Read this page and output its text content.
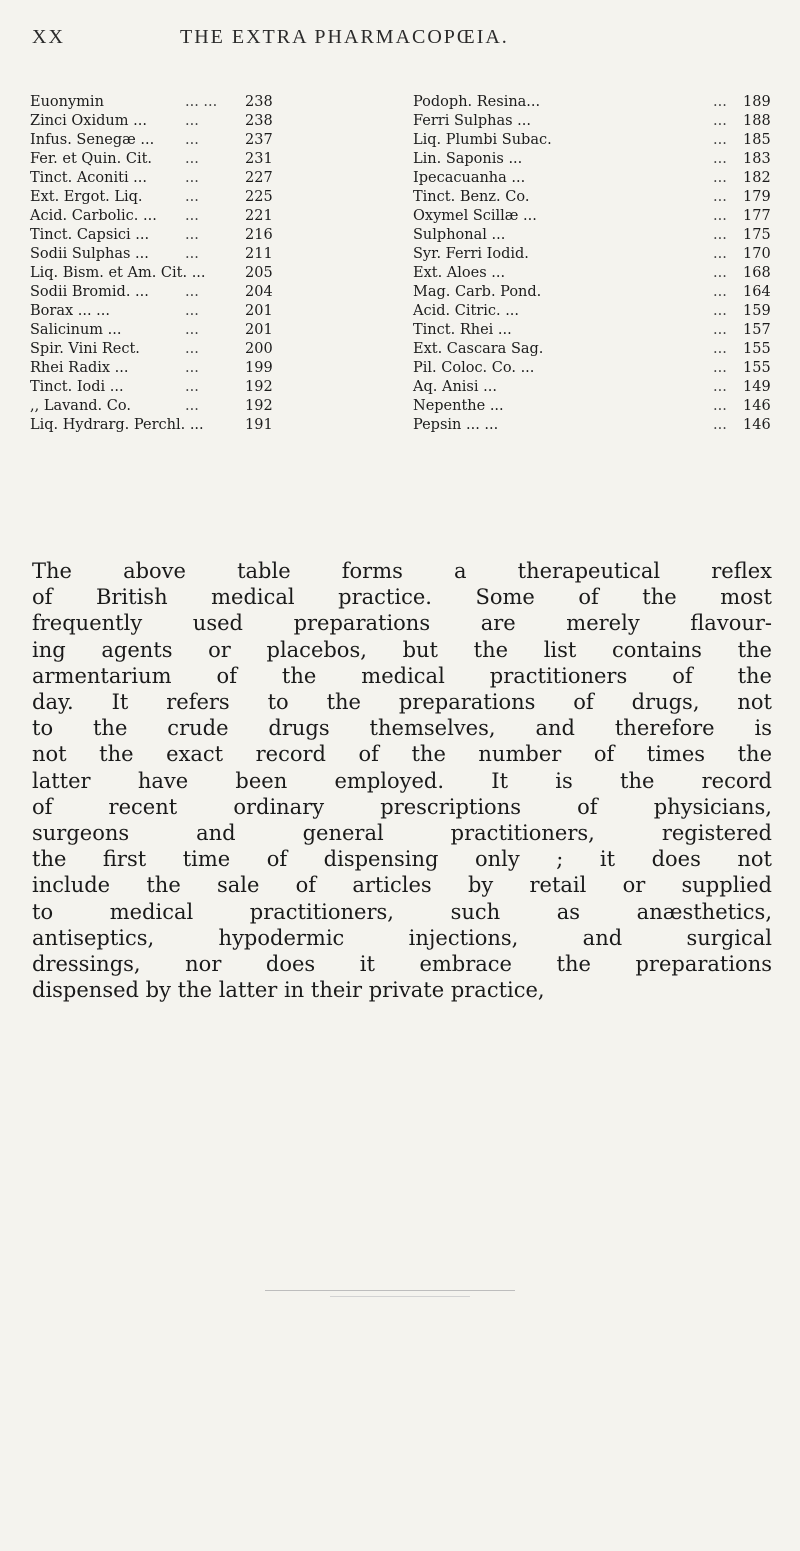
XX	THE EXTRA PHARMACOPŒIA.
Euonymin	... ... 238
Zinci Oxidum ...	...	238
Infus. Senegæ ... ...	237
Fer. et Quin. Cit. ...	231
Tinct. Aconiti ...	...	227
Ext. Ergot. Liq.	...	225
Acid. Carbolic. ... ...	221
Tinct. Capsici ... ...	216
Sodii Sulphas ... ...	211
Liq. Bism. et Am. Cit. ...	205
Sodii Bromid. ... ...	204
Borax ... ...	...	201
Salicinum ...	...	201
Spir. Vini Rect.	...	200
Rhei Radix ...	...	199
Tinct. Iodi ...	...	192
,, Lavand. Co.	...	192
Liq. Hydrarg. Perchl. ...	191
Podoph. Resina...	... 189
Ferri Sulphas ...	... 188
Liq. Plumbi Subac.	... 185
Lin. Saponis ...	... 183
Ipecacuanha ...	... 182
Tinct. Benz. Co.	... 179
Oxymel Scillæ ...	... 177
Sulphonal ...	... 175
Syr. Ferri Iodid.	... 170
Ext. Aloes ...	... 168
Mag. Carb. Pond.	... 164
Acid. Citric. ...	... 159
Tinct. Rhei ...	... 157
Ext. Cascara Sag.	... 155
Pil. Coloc. Co. ...	... 155
Aq. Anisi ...	... 149
Nepenthe ...	... 146
Pepsin ... ...	... 146
The above table forms a therapeutical reflex
of British medical practice. Some of the most
frequently used preparations are merely flavour-
ing agents or placebos, but the list contains the
armentarium of the medical practitioners of the
day. It refers to the preparations of drugs, not
to the crude drugs themselves, and therefore is
not the exact record of the number of times the
latter have been employed. It is the record
of recent ordinary prescriptions of physicians,
surgeons and general practitioners, registered
the first time of dispensing only ; it does not
include the sale of articles by retail or supplied
to medical practitioners, such as anæsthetics,
antiseptics, hypodermic injections, and surgical
dressings, nor does it embrace the preparations
dispensed by the latter in their private practice,
